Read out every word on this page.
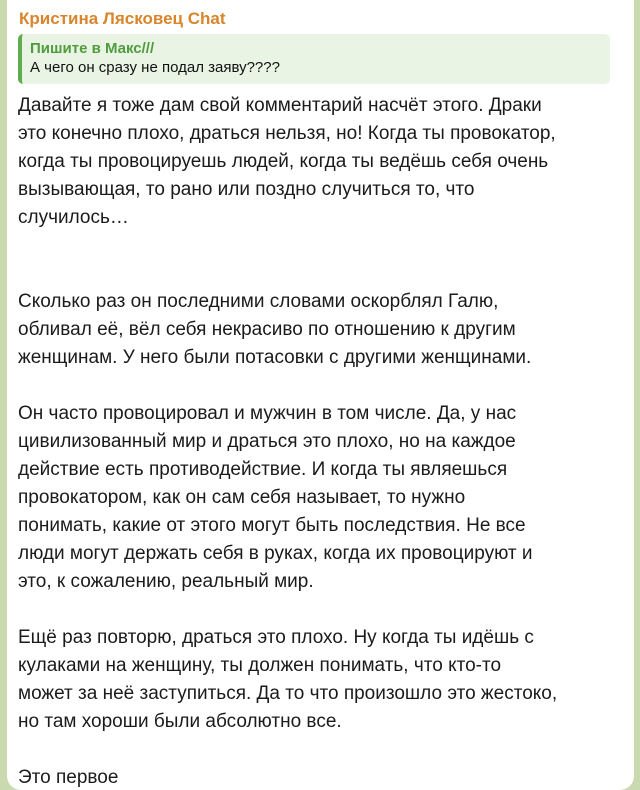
Кристина Лясковец Chat
Пишите в Макс///
А чего он сразу не подал заяву????
Давайте я тоже дам свой комментарий насчёт этого. Драки
это конечно плохо, драться нельзя, но! Когда ты провокатор,
когда ты провоцируешь людей, когда ты ведёшь себя очень
вызывающая, то рано или поздно случиться то, что
случилось…
Сколько раз он последними словами оскорблял Галю,
обливал её, вёл себя некрасиво по отношению к другим
женщинам. У него были потасовки с другими женщинами.
Он часто провоцировал и мужчин в том числе. Да, у нас
цивилизованный мир и драться это плохо, но на каждое
действие есть противодействие. И когда ты являешься
провокатором, как он сам себя называет, то нужно
понимать, какие от этого могут быть последствия. Не все
люди могут держать себя в руках, когда их провоцируют и
это, к сожалению, реальный мир.
Ещё раз повторю, драться это плохо. Ну когда ты идёшь с
кулаками на женщину, ты должен понимать, что кто-то
может за неё заступиться. Да то что произошло это жестоко,
но там хороши были абсолютно все.
Это первое
